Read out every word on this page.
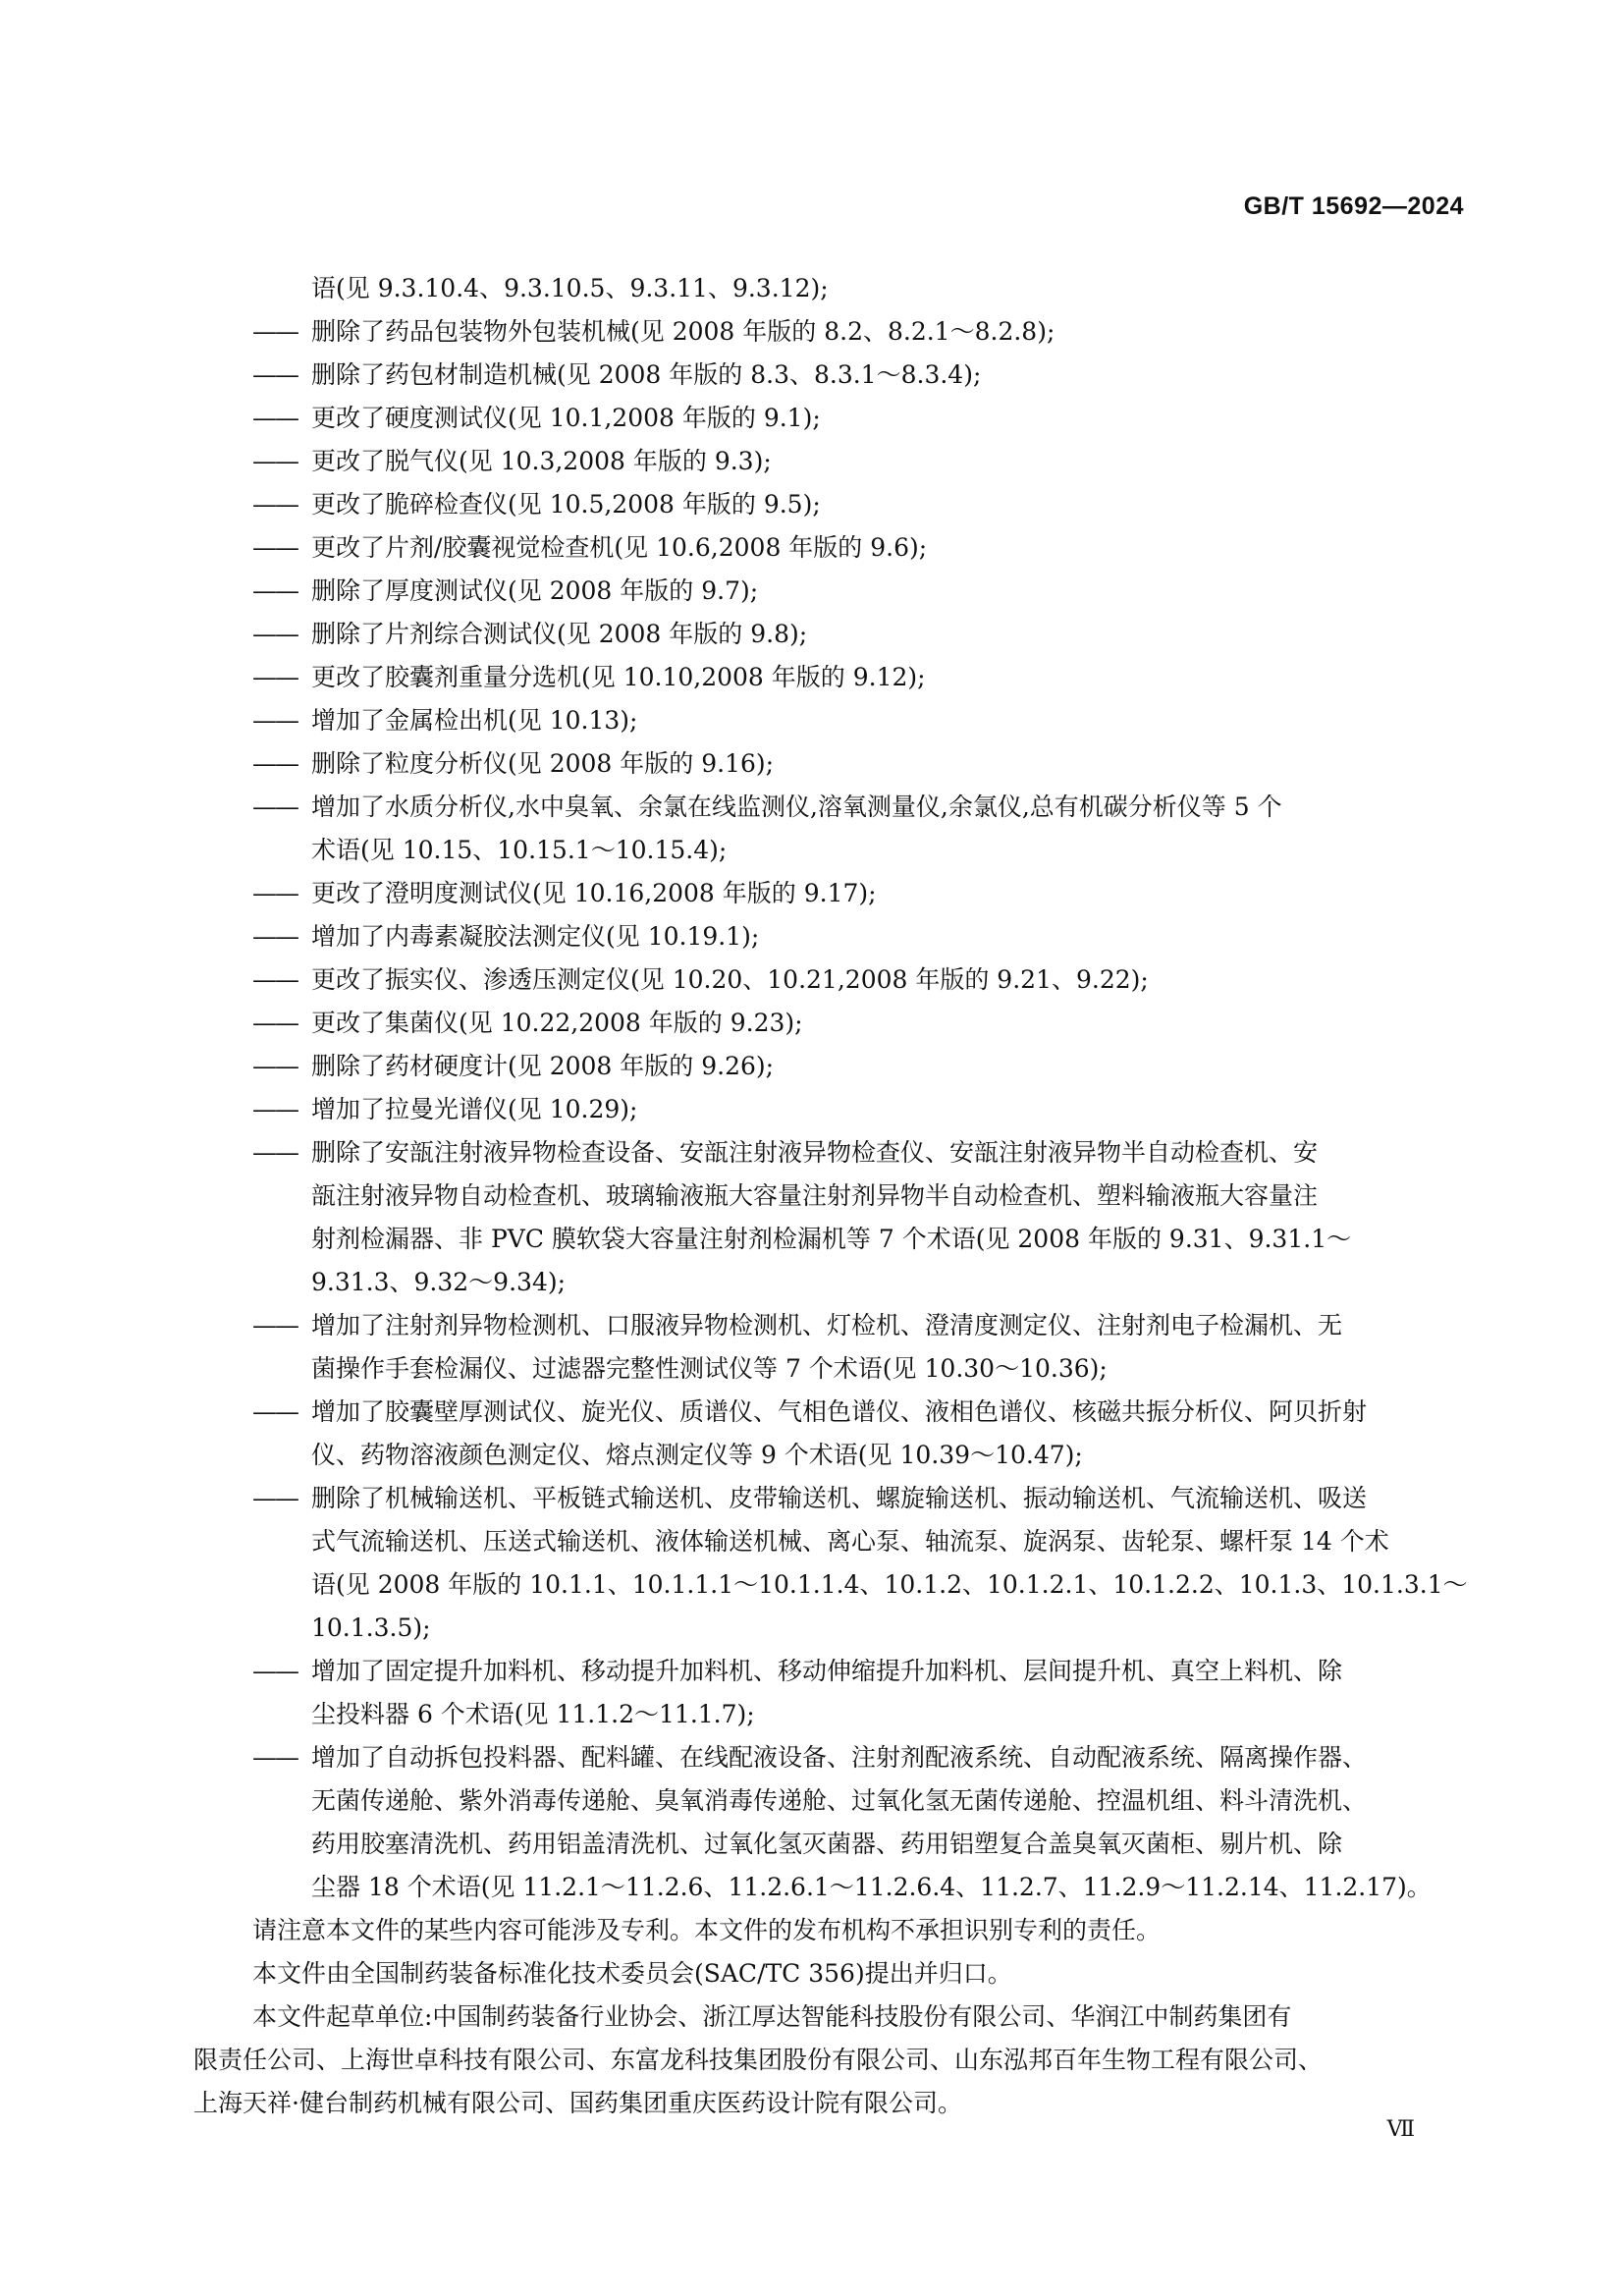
GB/T 15692—2024
语(见 9.3.10.4、9.3.10.5、9.3.11、9.3.12);
—— 删除了药品包装物外包装机械(见 2008 年版的 8.2、8.2.1～8.2.8);
—— 删除了药包材制造机械(见 2008 年版的 8.3、8.3.1～8.3.4);
—— 更改了硬度测试仪(见 10.1,2008 年版的 9.1);
—— 更改了脱气仪(见 10.3,2008 年版的 9.3);
—— 更改了脆碎检查仪(见 10.5,2008 年版的 9.5);
—— 更改了片剂/胶囊视觉检查机(见 10.6,2008 年版的 9.6);
—— 删除了厚度测试仪(见 2008 年版的 9.7);
—— 删除了片剂综合测试仪(见 2008 年版的 9.8);
—— 更改了胶囊剂重量分选机(见 10.10,2008 年版的 9.12);
—— 增加了金属检出机(见 10.13);
—— 删除了粒度分析仪(见 2008 年版的 9.16);
—— 增加了水质分析仪,水中臭氧、余氯在线监测仪,溶氧测量仪,余氯仪,总有机碳分析仪等 5 个
术语(见 10.15、10.15.1～10.15.4);
—— 更改了澄明度测试仪(见 10.16,2008 年版的 9.17);
—— 增加了内毒素凝胶法测定仪(见 10.19.1);
—— 更改了振实仪、渗透压测定仪(见 10.20、10.21,2008 年版的 9.21、9.22);
—— 更改了集菌仪(见 10.22,2008 年版的 9.23);
—— 删除了药材硬度计(见 2008 年版的 9.26);
—— 增加了拉曼光谱仪(见 10.29);
—— 删除了安瓿注射液异物检查设备、安瓿注射液异物检查仪、安瓿注射液异物半自动检查机、安
瓿注射液异物自动检查机、玻璃输液瓶大容量注射剂异物半自动检查机、塑料输液瓶大容量注
射剂检漏器、非 PVC 膜软袋大容量注射剂检漏机等 7 个术语(见 2008 年版的 9.31、9.31.1～
9.31.3、9.32～9.34);
—— 增加了注射剂异物检测机、口服液异物检测机、灯检机、澄清度测定仪、注射剂电子检漏机、无
菌操作手套检漏仪、过滤器完整性测试仪等 7 个术语(见 10.30～10.36);
—— 增加了胶囊壁厚测试仪、旋光仪、质谱仪、气相色谱仪、液相色谱仪、核磁共振分析仪、阿贝折射
仪、药物溶液颜色测定仪、熔点测定仪等 9 个术语(见 10.39～10.47);
—— 删除了机械输送机、平板链式输送机、皮带输送机、螺旋输送机、振动输送机、气流输送机、吸送
式气流输送机、压送式输送机、液体输送机械、离心泵、轴流泵、旋涡泵、齿轮泵、螺杆泵 14 个术
语(见 2008 年版的 10.1.1、10.1.1.1～10.1.1.4、10.1.2、10.1.2.1、10.1.2.2、10.1.3、10.1.3.1～
10.1.3.5);
—— 增加了固定提升加料机、移动提升加料机、移动伸缩提升加料机、层间提升机、真空上料机、除
尘投料器 6 个术语(见 11.1.2～11.1.7);
—— 增加了自动拆包投料器、配料罐、在线配液设备、注射剂配液系统、自动配液系统、隔离操作器、
无菌传递舱、紫外消毒传递舱、臭氧消毒传递舱、过氧化氢无菌传递舱、控温机组、料斗清洗机、
药用胶塞清洗机、药用铝盖清洗机、过氧化氢灭菌器、药用铝塑复合盖臭氧灭菌柜、剔片机、除
尘器 18 个术语(见 11.2.1～11.2.6、11.2.6.1～11.2.6.4、11.2.7、11.2.9～11.2.14、11.2.17)。
请注意本文件的某些内容可能涉及专利。本文件的发布机构不承担识别专利的责任。
本文件由全国制药装备标准化技术委员会(SAC/TC 356)提出并归口。
本文件起草单位:中国制药装备行业协会、浙江厚达智能科技股份有限公司、华润江中制药集团有
限责任公司、上海世卓科技有限公司、东富龙科技集团股份有限公司、山东泓邦百年生物工程有限公司、
上海天祥·健台制药机械有限公司、国药集团重庆医药设计院有限公司。
Ⅶ
